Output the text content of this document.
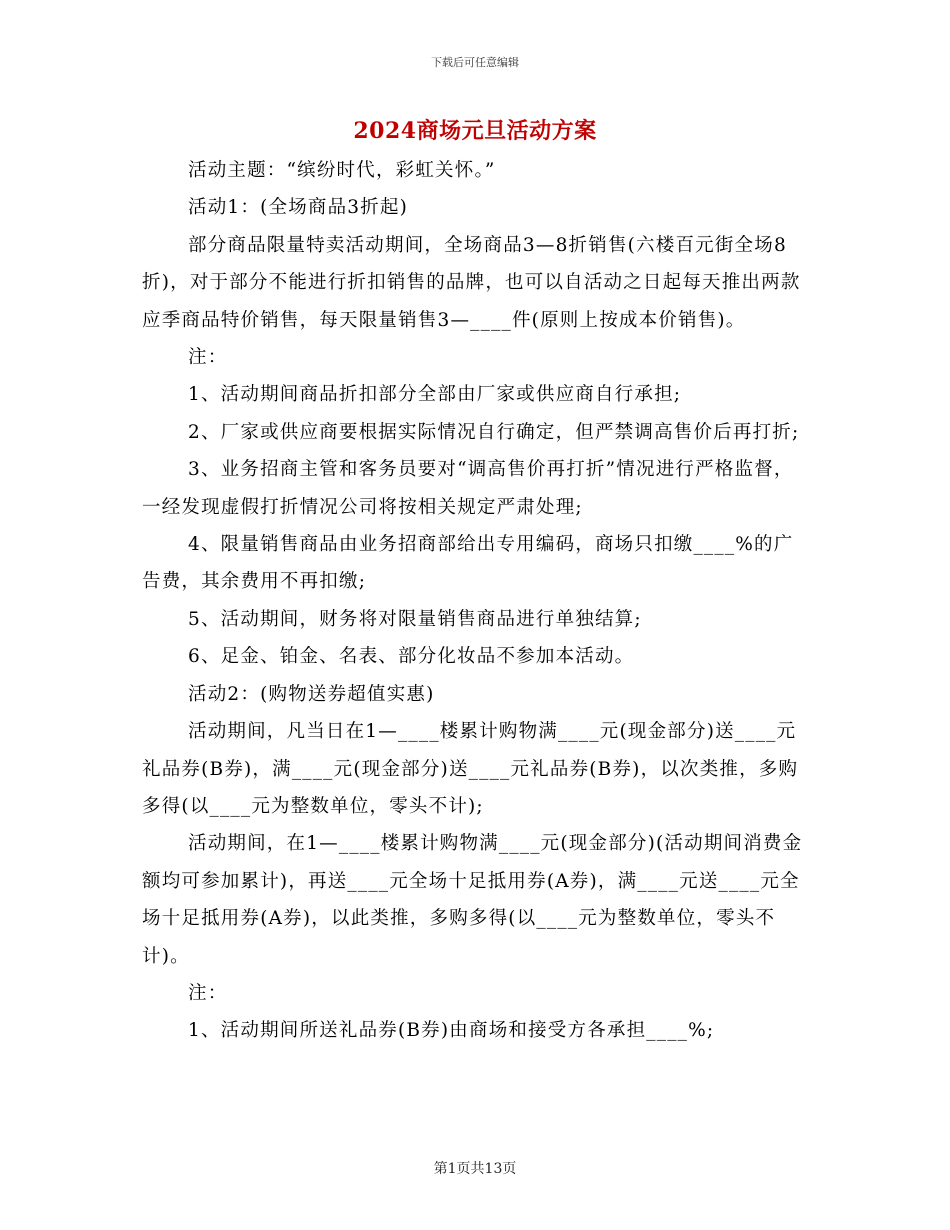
下载后可任意编辑
2024商场元旦活动方案

活动主题：“缤纷时代，彩虹关怀。”

活动1：(全场商品3折起)

部分商品限量特卖活动期间，全场商品3—8折销售(六楼百元街全场8折)，对于部分不能进行折扣销售的品牌，也可以自活动之日起每天推出两款应季商品特价销售，每天限量销售3—____件(原则上按成本价销售)。

注：

1、活动期间商品折扣部分全部由厂家或供应商自行承担;

2、厂家或供应商要根据实际情况自行确定，但严禁调高售价后再打折;

3、业务招商主管和客务员要对“调高售价再打折”情况进行严格监督，一经发现虚假打折情况公司将按相关规定严肃处理;

4、限量销售商品由业务招商部给出专用编码，商场只扣缴____%的广告费，其余费用不再扣缴;

5、活动期间，财务将对限量销售商品进行单独结算;

6、足金、铂金、名表、部分化妆品不参加本活动。

活动2：(购物送券超值实惠)

活动期间，凡当日在1—____楼累计购物满____元(现金部分)送____元礼品券(B券)，满____元(现金部分)送____元礼品券(B券)，以次类推，多购多得(以____元为整数单位，零头不计);

活动期间，在1—____楼累计购物满____元(现金部分)(活动期间消费金额均可参加累计)，再送____元全场十足抵用券(A券)，满____元送____元全场十足抵用券(A券)，以此类推，多购多得(以____元为整数单位，零头不计)。

注：

1、活动期间所送礼品券(B券)由商场和接受方各承担____%;

第1页共13页
